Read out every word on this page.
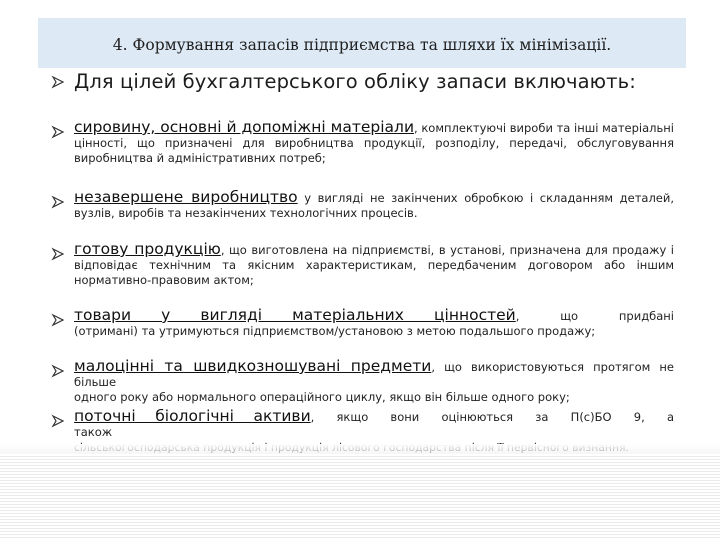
4. Формування запасів підприємства та шляхи їх мінімізації.
Для цілей бухгалтерського обліку запаси включають:
сировину, основні й допоміжні матеріали, комплектуючі вироби та інші матеріальні
цінності, що призначені для виробництва продукції, розподілу, передачі, обслуговування
виробництва й адміністративних потреб;
незавершене виробництво у вигляді не закінчених обробкою і складанням деталей,
вузлів, виробів та незакінчених технологічних процесів.
готову продукцію, що виготовлена на підприємстві, в установі, призначена для продажу і
відповідає технічним та якісним характеристикам, передбаченим договором або іншим
нормативно-правовим актом;
товари у вигляді матеріальних цінностей, що придбані
(отримані) та утримуються підприємством/установою з метою подальшого продажу;
малоцінні та швидкозношувані предмети, що використовуються протягом не більше
одного року або нормального операційного циклу, якщо він більше одного року;
поточні біологічні активи, якщо вони оцінюються за П(с)БО 9, а також
